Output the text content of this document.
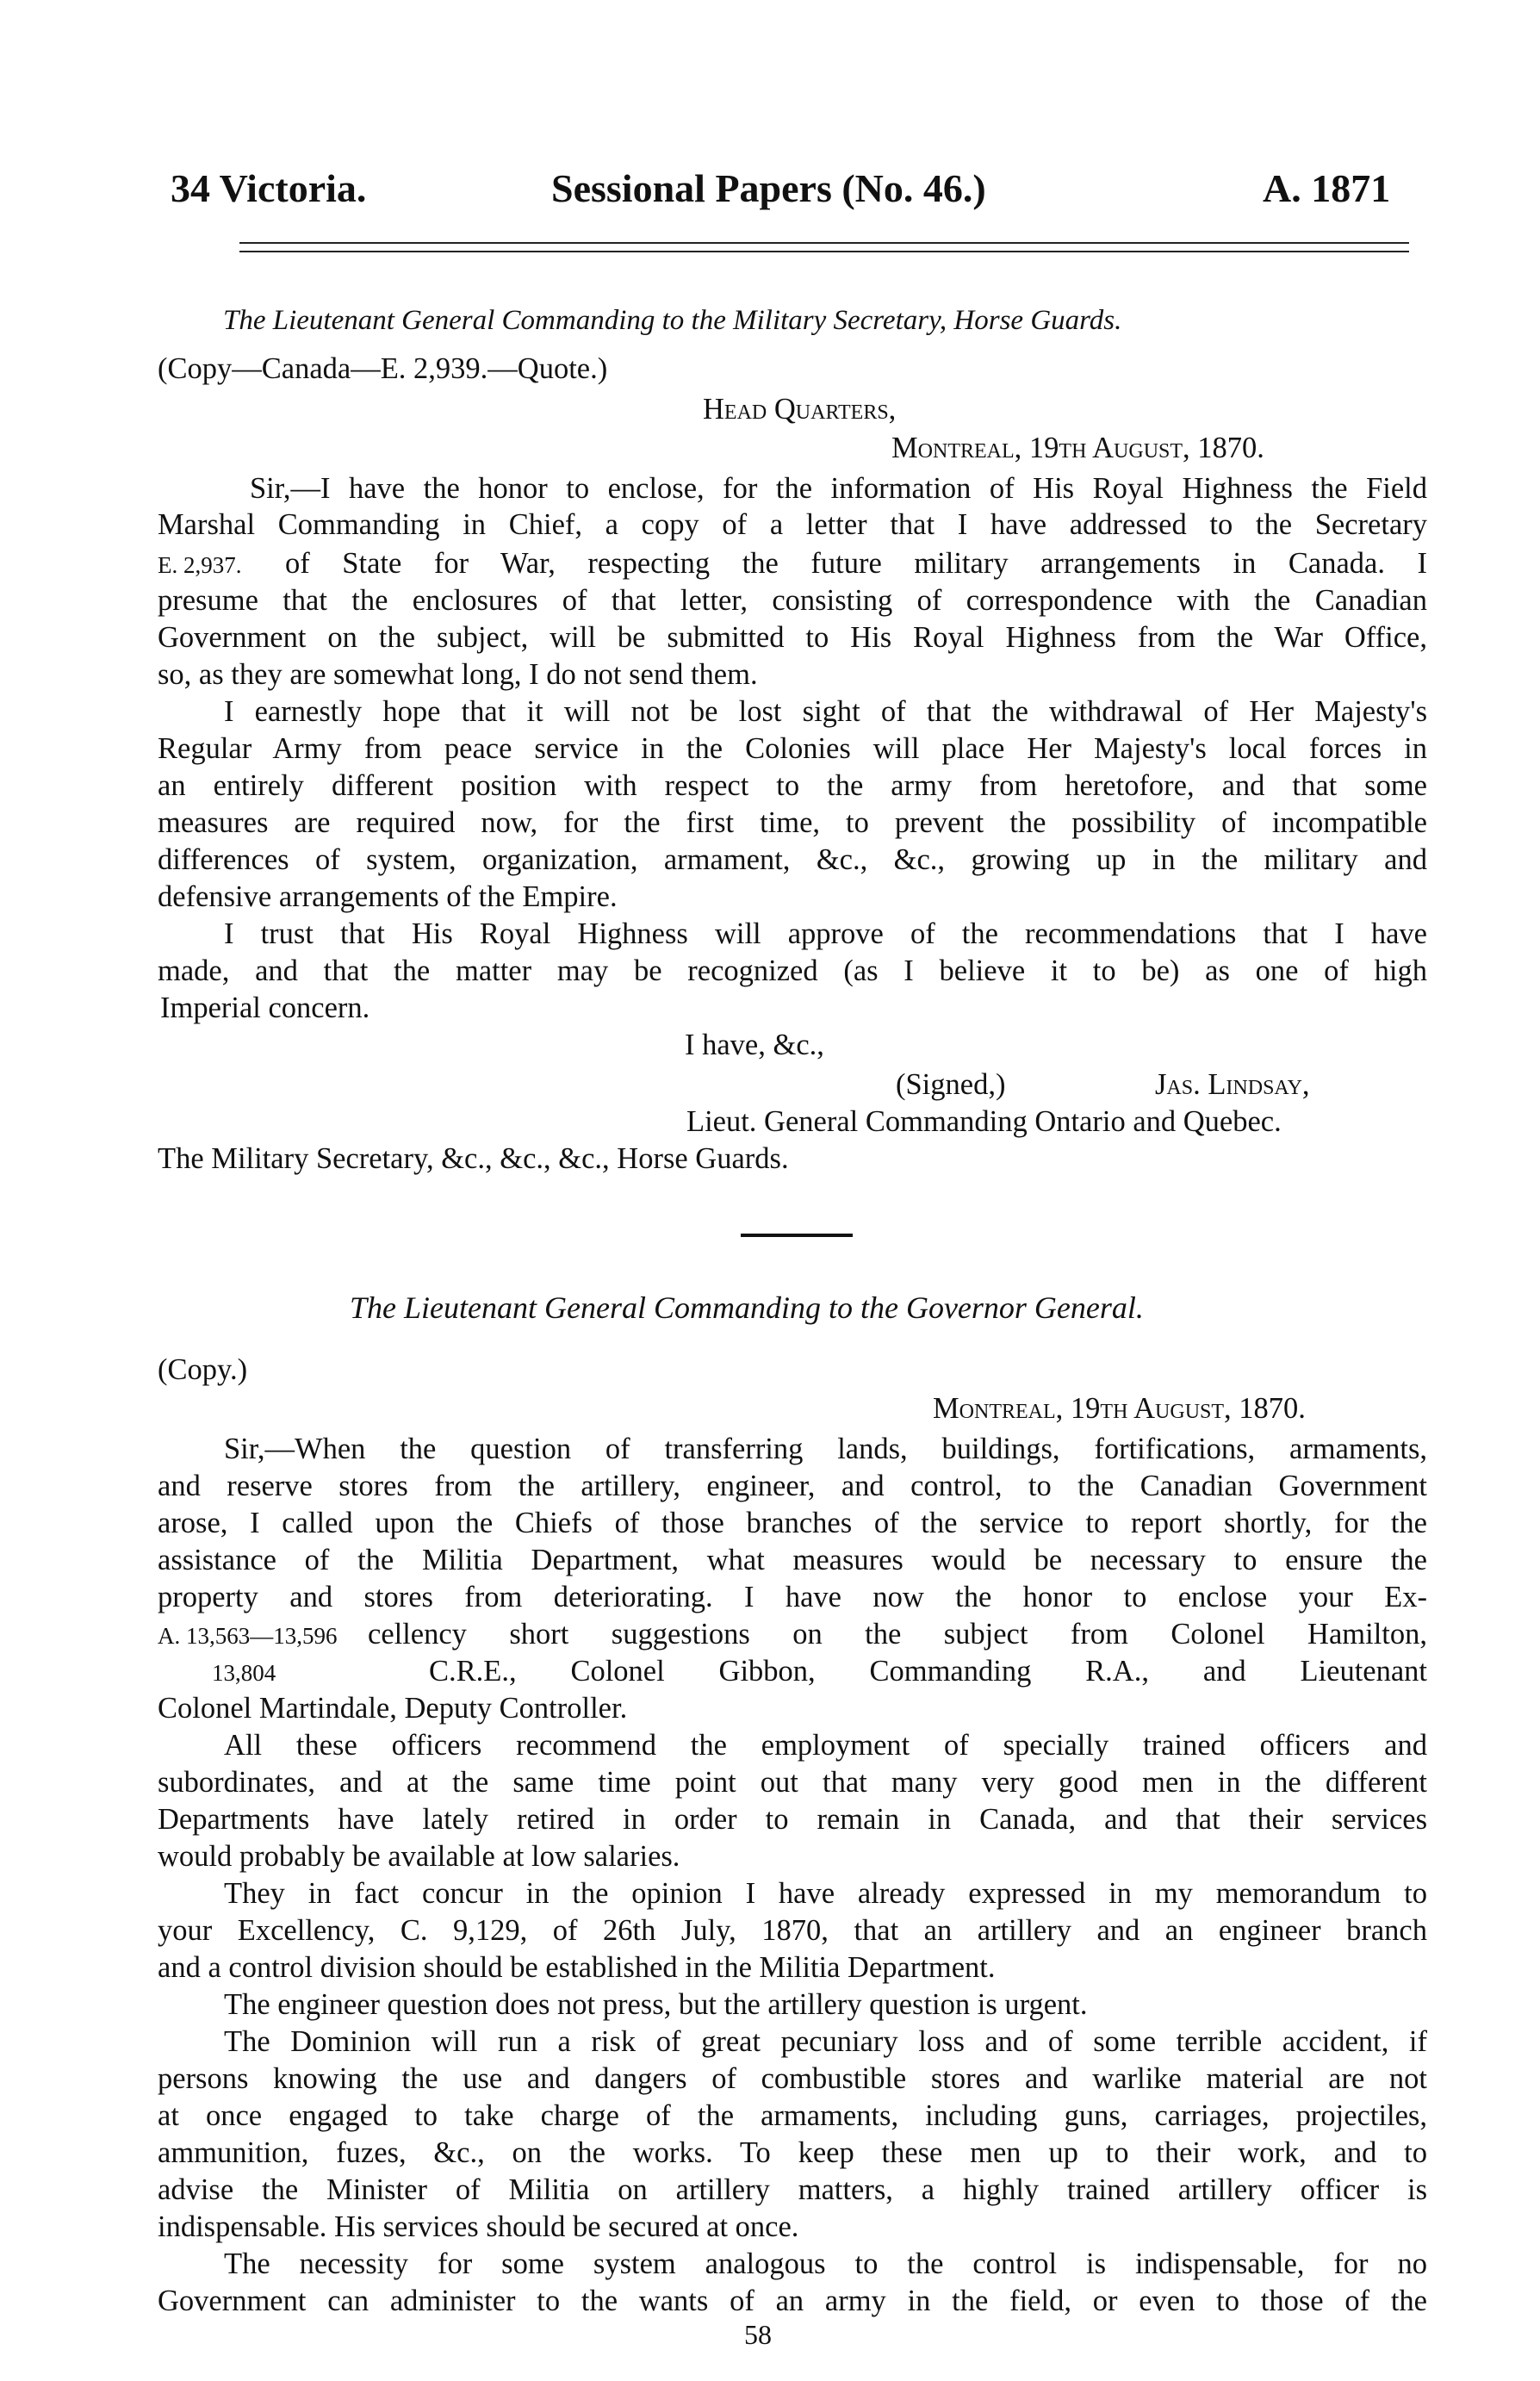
34 Victoria.	Sessional Papers (No. 46.)	A. 1871
The Lieutenant General Commanding to the Military Secretary, Horse Guards.
(Copy—Canada—E. 2,939.—Quote.)
Head Quarters,
Montreal, 19th August, 1870.
Sir,—I have the honor to enclose, for the information of His Royal Highness the Field
Marshal Commanding in Chief, a copy of a letter that I have addressed to the Secretary
E. 2,937. of State for War, respecting the future military arrangements in Canada. I
presume that the enclosures of that letter, consisting of correspondence with the Canadian
Government on the subject, will be submitted to His Royal Highness from the War Office,
so, as they are somewhat long, I do not send them.
I earnestly hope that it will not be lost sight of that the withdrawal of Her Majesty's
Regular Army from peace service in the Colonies will place Her Majesty's local forces in
an entirely different position with respect to the army from heretofore, and that some
measures are required now, for the first time, to prevent the possibility of incompatible
differences of system, organization, armament, &c., &c., growing up in the military and
defensive arrangements of the Empire.
I trust that His Royal Highness will approve of the recommendations that I have
made, and that the matter may be recognized (as I believe it to be) as one of high
Imperial concern.
I have, &c.,
(Signed,)	Jas. Lindsay,
Lieut. General Commanding Ontario and Quebec.
The Military Secretary, &c., &c., &c., Horse Guards.
The Lieutenant General Commanding to the Governor General.
(Copy.)
Montreal, 19th August, 1870.
Sir,—When the question of transferring lands, buildings, fortifications, armaments,
and reserve stores from the artillery, engineer, and control, to the Canadian Government
arose, I called upon the Chiefs of those branches of the service to report shortly, for the
assistance of the Militia Department, what measures would be necessary to ensure the
property and stores from deteriorating. I have now the honor to enclose your Ex-
A. 13,563—13,596 cellency short suggestions on the subject from Colonel Hamilton,
13,804	C.R.E., Colonel Gibbon, Commanding R.A., and Lieutenant
Colonel Martindale, Deputy Controller.
All these officers recommend the employment of specially trained officers and
subordinates, and at the same time point out that many very good men in the different
Departments have lately retired in order to remain in Canada, and that their services
would probably be available at low salaries.
They in fact concur in the opinion I have already expressed in my memorandum to
your Excellency, C. 9,129, of 26th July, 1870, that an artillery and an engineer branch
and a control division should be established in the Militia Department.
The engineer question does not press, but the artillery question is urgent.
The Dominion will run a risk of great pecuniary loss and of some terrible accident, if
persons knowing the use and dangers of combustible stores and warlike material are not
at once engaged to take charge of the armaments, including guns, carriages, projectiles,
ammunition, fuzes, &c., on the works. To keep these men up to their work, and to
advise the Minister of Militia on artillery matters, a highly trained artillery officer is
indispensable. His services should be secured at once.
The necessity for some system analogous to the control is indispensable, for no
Government can administer to the wants of an army in the field, or even to those of the
58
